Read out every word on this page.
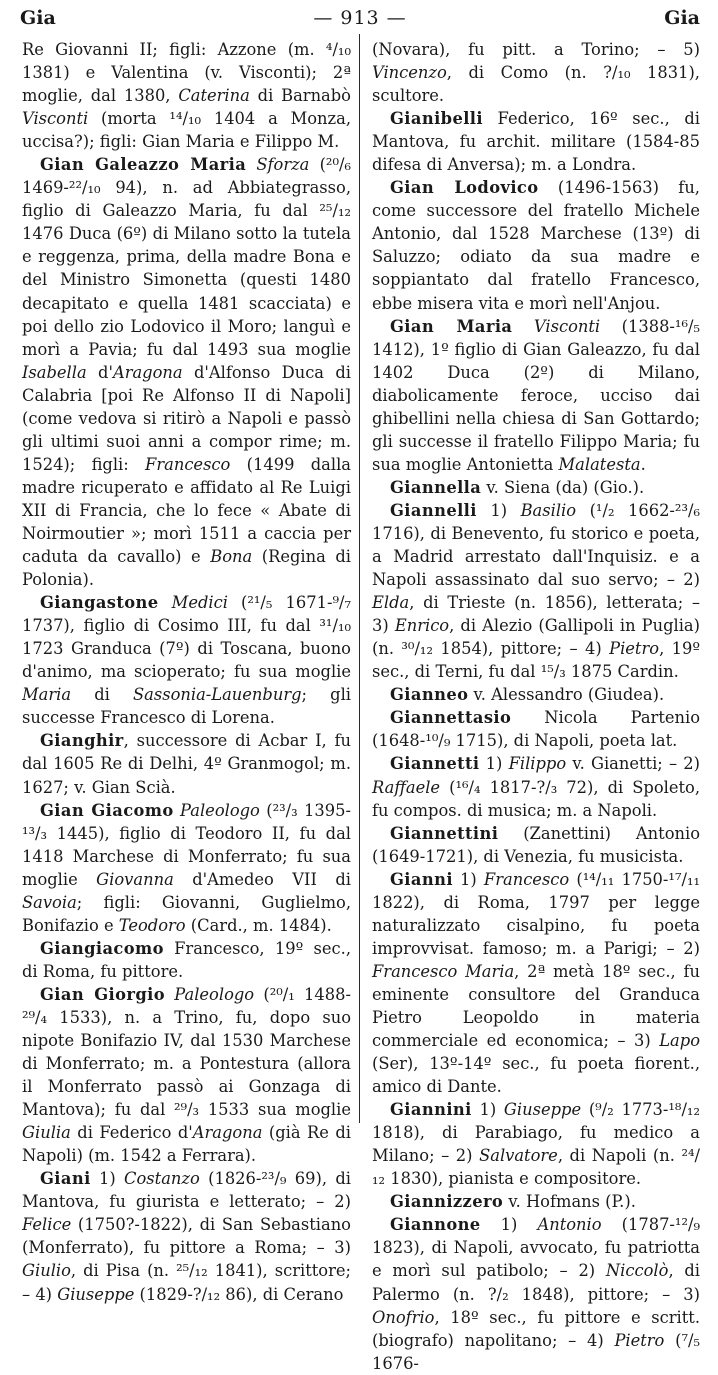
Gia	— 913 —	Gia

Re Giovanni II; figli: Azzone (m. ⁴/₁₀ 1381) e Valentina (v. Visconti); 2ª moglie, dal 1380, Caterina di Barnabò Visconti (morta ¹⁴/₁₀ 1404 a Monza, uccisa?); figli: Gian Maria e Filippo M.

Gian Galeazzo Maria Sforza (²⁰/₆ 1469-²²/₁₀ 94), n. ad Abbiategrasso, figlio di Galeazzo Maria, fu dal ²⁵/₁₂ 1476 Duca (6º) di Milano sotto la tutela e reggenza, prima, della madre Bona e del Ministro Simonetta (questi 1480 decapitato e quella 1481 scacciata) e poi dello zio Lodovico il Moro; languì e morì a Pavia; fu dal 1493 sua moglie Isabella d'Aragona d'Alfonso Duca di Calabria [poi Re Alfonso II di Napoli] (come vedova si ritirò a Napoli e passò gli ultimi suoi anni a compor rime; m. 1524); figli: Francesco (1499 dalla madre ricuperato e affidato al Re Luigi XII di Francia, che lo fece « Abate di Noirmoutier »; morì 1511 a caccia per caduta da cavallo) e Bona (Regina di Polonia).

Giangastone Medici (²¹/₅ 1671-⁹/₇ 1737), figlio di Cosimo III, fu dal ³¹/₁₀ 1723 Granduca (7º) di Toscana, buono d'animo, ma scioperato; fu sua moglie Maria di Sassonia-Lauenburg; gli successe Francesco di Lorena.

Gianghir, successore di Acbar I, fu dal 1605 Re di Delhi, 4º Granmogol; m. 1627; v. Gian Scià.

Gian Giacomo Paleologo (²³/₃ 1395-¹³/₃ 1445), figlio di Teodoro II, fu dal 1418 Marchese di Monferrato; fu sua moglie Giovanna d'Amedeo VII di Savoia; figli: Giovanni, Guglielmo, Bonifazio e Teodoro (Card., m. 1484).

Giangiacomo Francesco, 19º sec., di Roma, fu pittore.

Gian Giorgio Paleologo (²⁰/₁ 1488-²⁹/₄ 1533), n. a Trino, fu, dopo suo nipote Bonifazio IV, dal 1530 Marchese di Monferrato; m. a Pontestura (allora il Monferrato passò ai Gonzaga di Mantova); fu dal ²⁹/₃ 1533 sua moglie Giulia di Federico d'Aragona (già Re di Napoli) (m. 1542 a Ferrara).

Giani 1) Costanzo (1826-²³/₉ 69), di Mantova, fu giurista e letterato; – 2) Felice (1750?-1822), di San Sebastiano (Monferrato), fu pittore a Roma; – 3) Giulio, di Pisa (n. ²⁵/₁₂ 1841), scrittore; – 4) Giuseppe (1829-?/₁₂ 86), di Cerano

(Novara), fu pitt. a Torino; – 5) Vincenzo, di Como (n. ?/₁₀ 1831), scultore.

Gianibelli Federico, 16º sec., di Mantova, fu archit. militare (1584-85 difesa di Anversa); m. a Londra.

Gian Lodovico (1496-1563) fu, come successore del fratello Michele Antonio, dal 1528 Marchese (13º) di Saluzzo; odiato da sua madre e soppiantato dal fratello Francesco, ebbe misera vita e morì nell'Anjou.

Gian Maria Visconti (1388-¹⁶/₅ 1412), 1º figlio di Gian Galeazzo, fu dal 1402 Duca (2º) di Milano, diabolicamente feroce, ucciso dai ghibellini nella chiesa di San Gottardo; gli successe il fratello Filippo Maria; fu sua moglie Antonietta Malatesta.

Giannella v. Siena (da) (Gio.).

Giannelli 1) Basilio (¹/₂ 1662-²³/₆ 1716), di Benevento, fu storico e poeta, a Madrid arrestato dall'Inquisiz. e a Napoli assassinato dal suo servo; – 2) Elda, di Trieste (n. 1856), letterata; – 3) Enrico, di Alezio (Gallipoli in Puglia) (n. ³⁰/₁₂ 1854), pittore; – 4) Pietro, 19º sec., di Terni, fu dal ¹⁵/₃ 1875 Cardin.

Gianneo v. Alessandro (Giudea).

Giannettasio Nicola Partenio (1648-¹⁰/₉ 1715), di Napoli, poeta lat.

Giannetti 1) Filippo v. Gianetti; – 2) Raffaele (¹⁶/₄ 1817-?/₃ 72), di Spoleto, fu compos. di musica; m. a Napoli.

Giannettini (Zanettini) Antonio (1649-1721), di Venezia, fu musicista.

Gianni 1) Francesco (¹⁴/₁₁ 1750-¹⁷/₁₁ 1822), di Roma, 1797 per legge naturalizzato cisalpino, fu poeta improvvisat. famoso; m. a Parigi; – 2) Francesco Maria, 2ª metà 18º sec., fu eminente consultore del Granduca Pietro Leopoldo in materia commerciale ed economica; – 3) Lapo (Ser), 13º-14º sec., fu poeta fiorent., amico di Dante.

Giannini 1) Giuseppe (⁹/₂ 1773-¹⁸/₁₂ 1818), di Parabiago, fu medico a Milano; – 2) Salvatore, di Napoli (n. ²⁴/₁₂ 1830), pianista e compositore.

Giannizzero v. Hofmans (P.).

Giannone 1) Antonio (1787-¹²/₉ 1823), di Napoli, avvocato, fu patriotta e morì sul patibolo; – 2) Niccolò, di Palermo (n. ?/₂ 1848), pittore; – 3) Onofrio, 18º sec., fu pittore e scritt. (biografo) napolitano; – 4) Pietro (⁷/₅ 1676-
